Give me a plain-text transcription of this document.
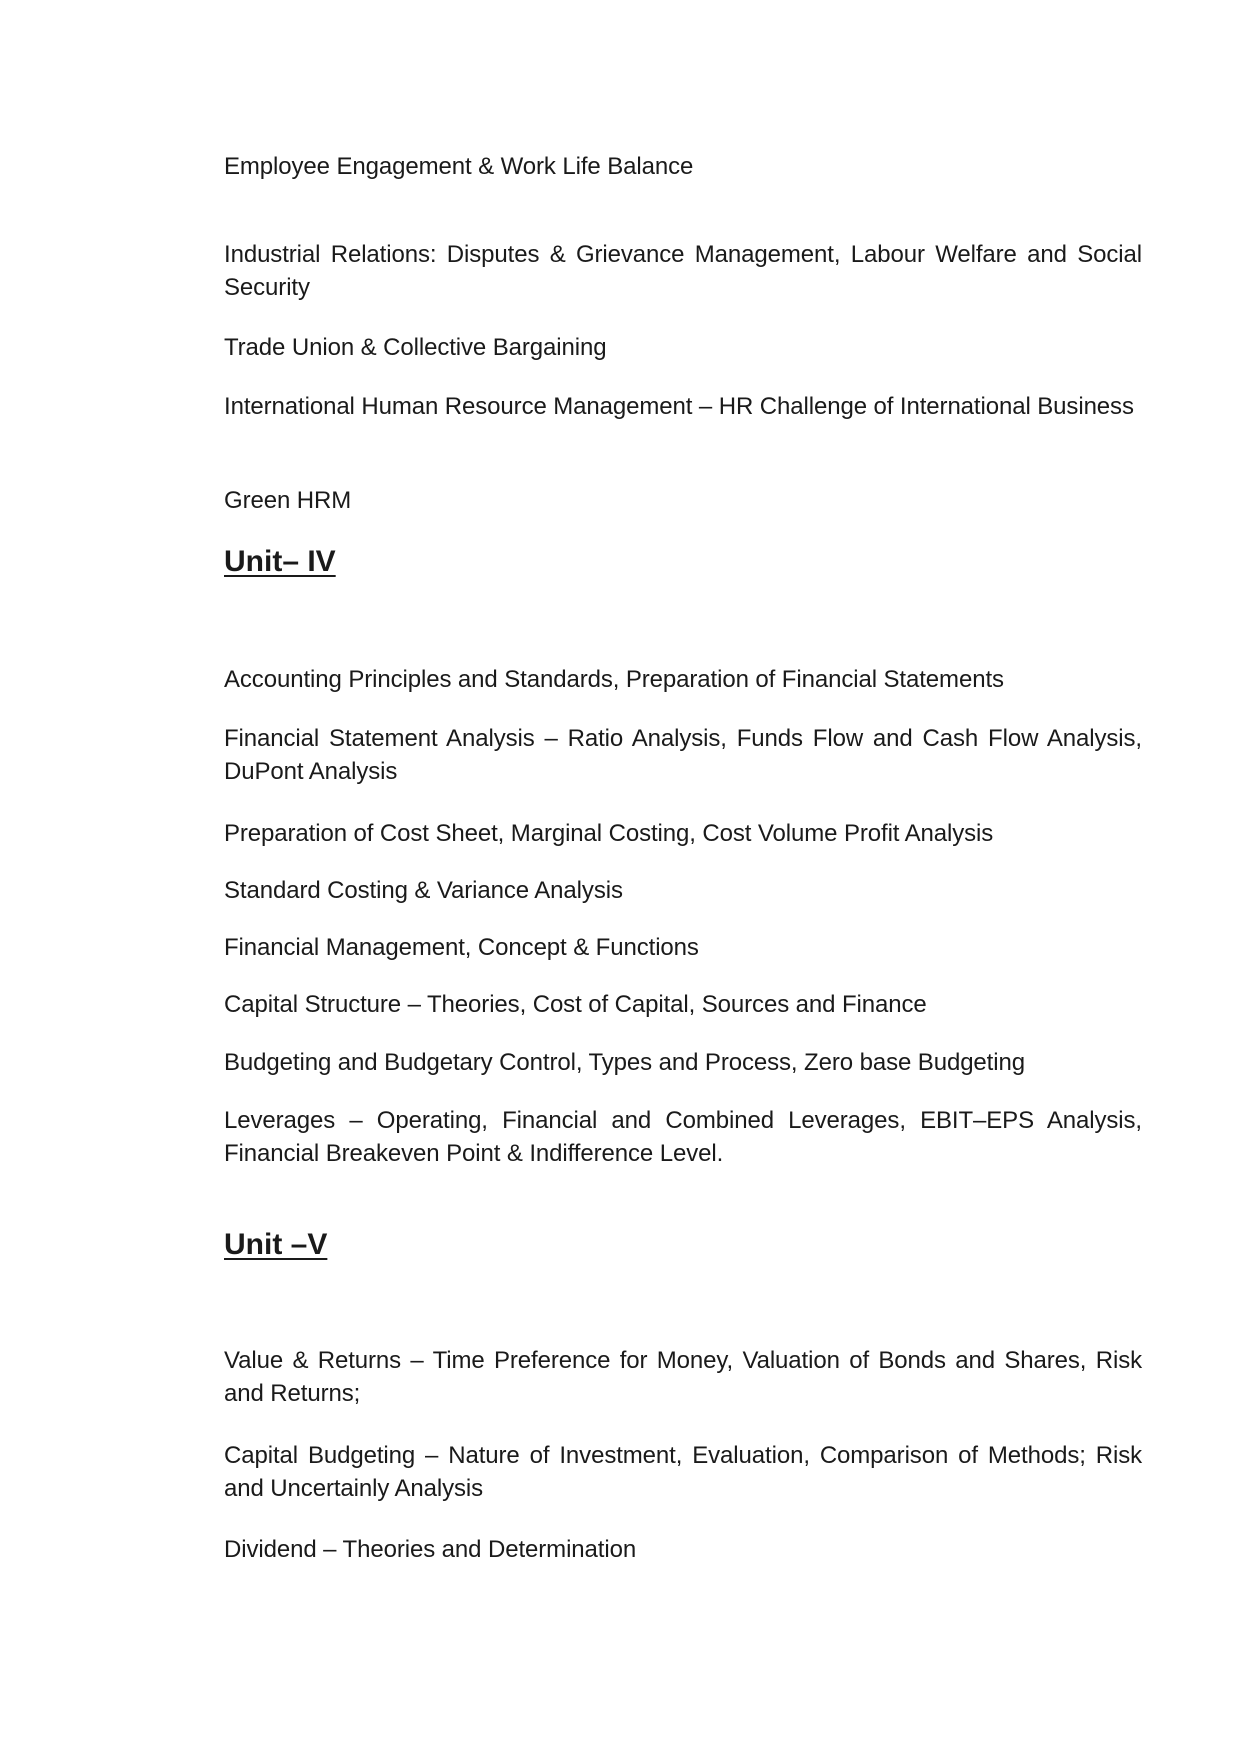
Employee Engagement & Work Life Balance

Industrial Relations: Disputes & Grievance Management, Labour Welfare and Social Security

Trade Union & Collective Bargaining

International Human Resource Management – HR Challenge of International Business

Green HRM

Unit– IV

Accounting Principles and Standards, Preparation of Financial Statements

Financial Statement Analysis – Ratio Analysis, Funds Flow and Cash Flow Analysis, DuPont Analysis

Preparation of Cost Sheet, Marginal Costing, Cost Volume Profit Analysis

Standard Costing & Variance Analysis

Financial Management, Concept & Functions

Capital Structure – Theories, Cost of Capital, Sources and Finance

Budgeting and Budgetary Control, Types and Process, Zero base Budgeting

Leverages – Operating, Financial and Combined Leverages, EBIT–EPS Analysis, Financial Breakeven Point & Indifference Level.

Unit –V

Value & Returns – Time Preference for Money, Valuation of Bonds and Shares, Risk and Returns;

Capital Budgeting – Nature of Investment, Evaluation, Comparison of Methods; Risk and Uncertainly Analysis

Dividend – Theories and Determination
